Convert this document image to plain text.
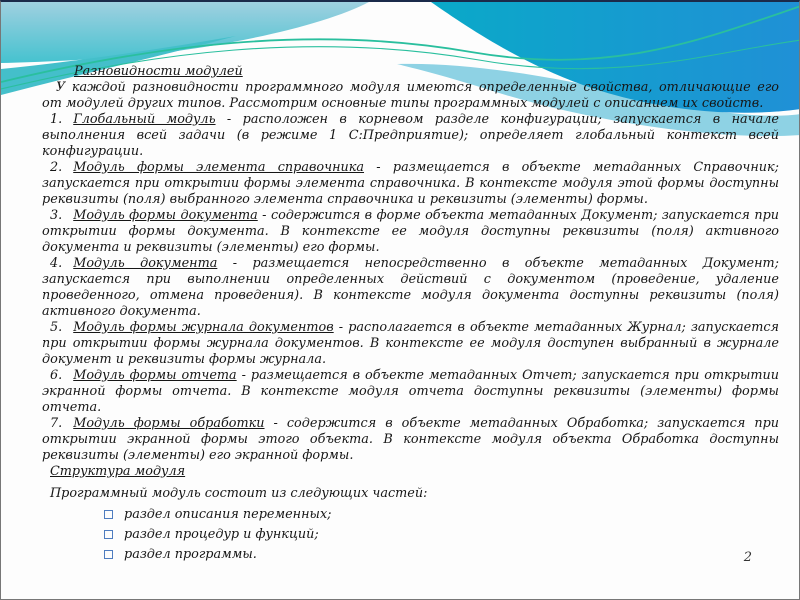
Разновидности модулей

У каждой разновидности программного модуля имеются определенные свойства, отличающие его от модулей других типов. Рассмотрим основные типы программных модулей с описанием их свойств.

1. Глобальный модуль - расположен в корневом разделе конфигурации; запускается в начале выполнения всей задачи (в режиме 1 С:Предприятие); определяет глобальный контекст всей конфигурации.

2. Модуль формы элемента справочника - размещается в объекте метаданных Справочник; запускается при открытии формы элемента справочника. В контексте модуля этой формы доступны реквизиты (поля) выбранного элемента справочника и реквизиты (элементы) формы.

3. Модуль формы документа - содержится в форме объекта метаданных Документ; запускается при открытии формы документа. В контексте ее модуля доступны реквизиты (поля) активного документа и реквизиты (элементы) его формы.

4. Модуль документа - размещается непосредственно в объекте метаданных Документ; запускается при выполнении определенных действий с документом (проведение, удаление проведенного, отмена проведения). В контексте модуля документа доступны реквизиты (поля) активного документа.

5. Модуль формы журнала документов - располагается в объекте метаданных Журнал; запускается при открытии формы журнала документов. В контексте ее модуля доступен выбранный в журнале документ и реквизиты формы журнала.

6. Модуль формы отчета - размещается в объекте метаданных Отчет; запускается при открытии экранной формы отчета. В контексте модуля отчета доступны реквизиты (элементы) формы отчета.

7. Модуль формы обработки - содержится в объекте метаданных Обработка; запускается при открытии экранной формы этого объекта. В контексте модуля объекта Обработка доступны реквизиты (элементы) его экранной формы.

Структура модуля

Программный модуль состоит из следующих частей:

раздел описания переменных;
раздел процедур и функций;
раздел программы.	2
